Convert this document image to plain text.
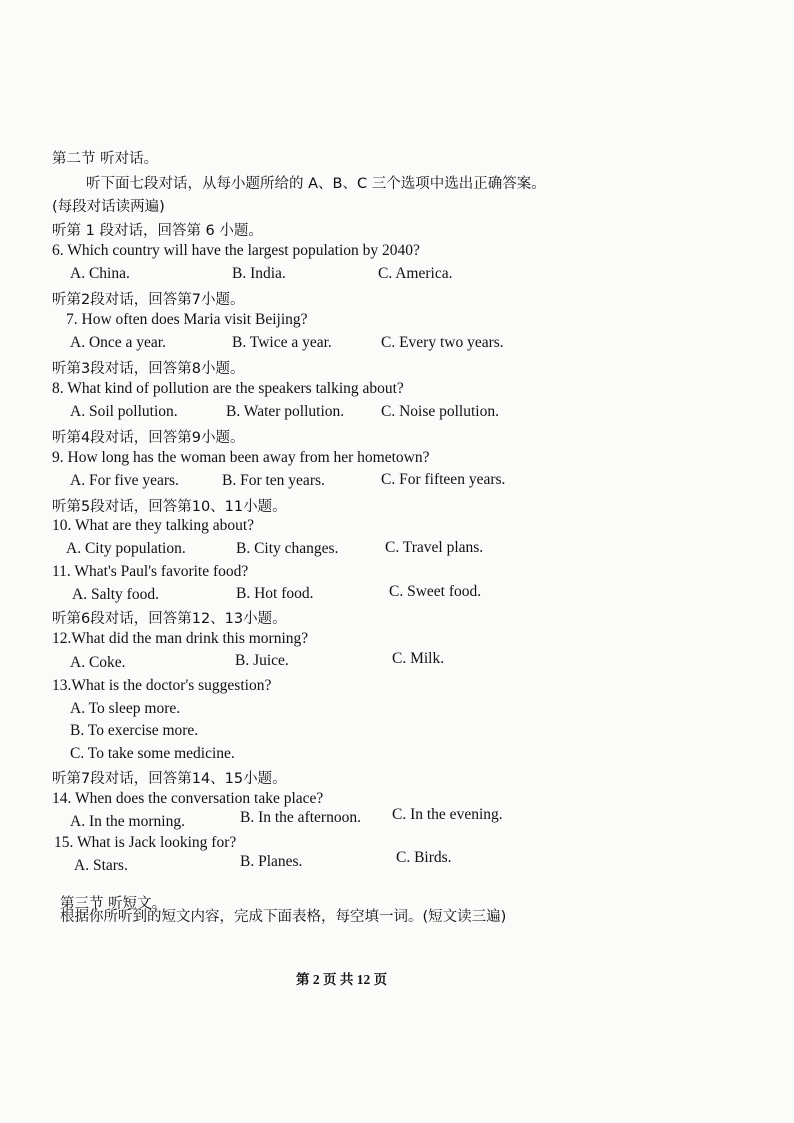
第二节 听对话。
听下面七段对话，从每小题所给的 A、B、C 三个选项中选出正确答案。
(每段对话读两遍)
听第 1 段对话，回答第 6 小题。
6. Which country will have the largest population by 2040?
A. China.	B. India.	C. America.
听第2段对话，回答第7小题。
7. How often does Maria visit Beijing?
A. Once a year.	B. Twice a year.	C. Every two years.
听第3段对话，回答第8小题。
8. What kind of pollution are the speakers talking about?
A. Soil pollution.	B. Water pollution. C. Noise pollution.
听第4段对话，回答第9小题。
9. How long has the woman been away from her hometown?
A. For five years.	B. For ten years.	C. For fifteen years.
听第5段对话，回答第10、11小题。
10. What are they talking about?
A. City population.	B. City changes.	C. Travel plans.
11. What's Paul's favorite food?
A. Salty food.	B. Hot food.	C. Sweet food.
听第6段对话，回答第12、13小题。
12.What did the man drink this morning?
A. Coke.	B. Juice.	C. Milk.
13.What is the doctor's suggestion?
A. To sleep more.
B. To exercise more.
C. To take some medicine.
听第7段对话，回答第14、15小题。
14. When does the conversation take place?
A. In the morning.	B. In the afternoon. C. In the evening.
15. What is Jack looking for?
A. Stars.	B. Planes.	C. Birds.
第三节 听短文。
根据你所听到的短文内容，完成下面表格，每空填一词。(短文读三遍)
第 2 页 共 12 页
